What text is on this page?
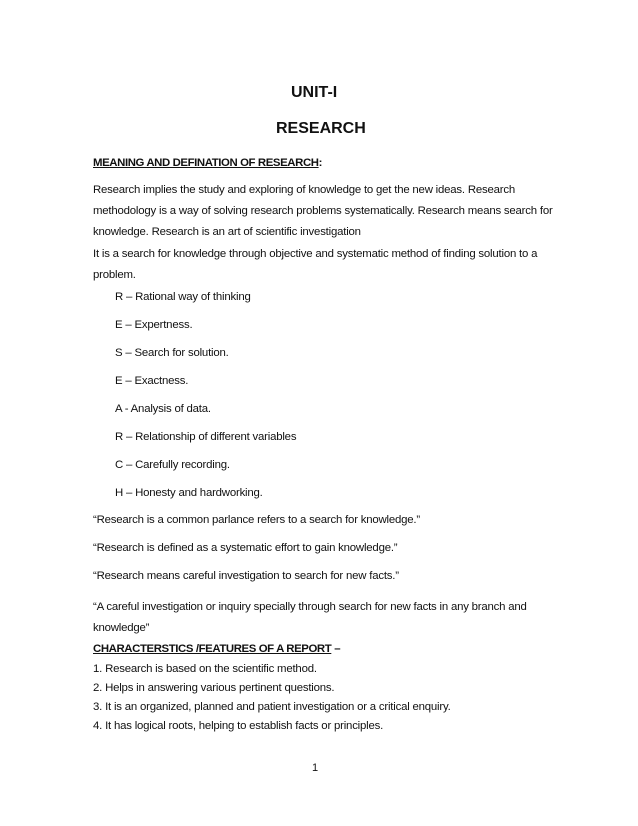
UNIT-I
RESEARCH
MEANING AND DEFINATION OF RESEARCH:
Research implies the study and exploring of knowledge to get the new ideas. Research methodology is a way of solving research problems systematically. Research means search for knowledge. Research is an art of scientific investigation
It is a search for knowledge through objective and systematic method of finding solution to a problem.
R – Rational way of thinking
E – Expertness.
S – Search for solution.
E – Exactness.
A - Analysis of data.
R – Relationship of different variables
C – Carefully recording.
H – Honesty and hardworking.
“Research is a common parlance refers to a search for knowledge.”
“Research is defined as a systematic effort to gain knowledge.”
“Research means careful investigation to search for new facts.”
“A careful investigation or inquiry specially through search for new facts in any branch and knowledge”
CHARACTERSTICS /FEATURES OF A REPORT –
1. Research is based on the scientific method.
2. Helps in answering various pertinent questions.
3. It is an organized, planned and patient investigation or a critical enquiry.
4. It has logical roots, helping to establish facts or principles.
1
